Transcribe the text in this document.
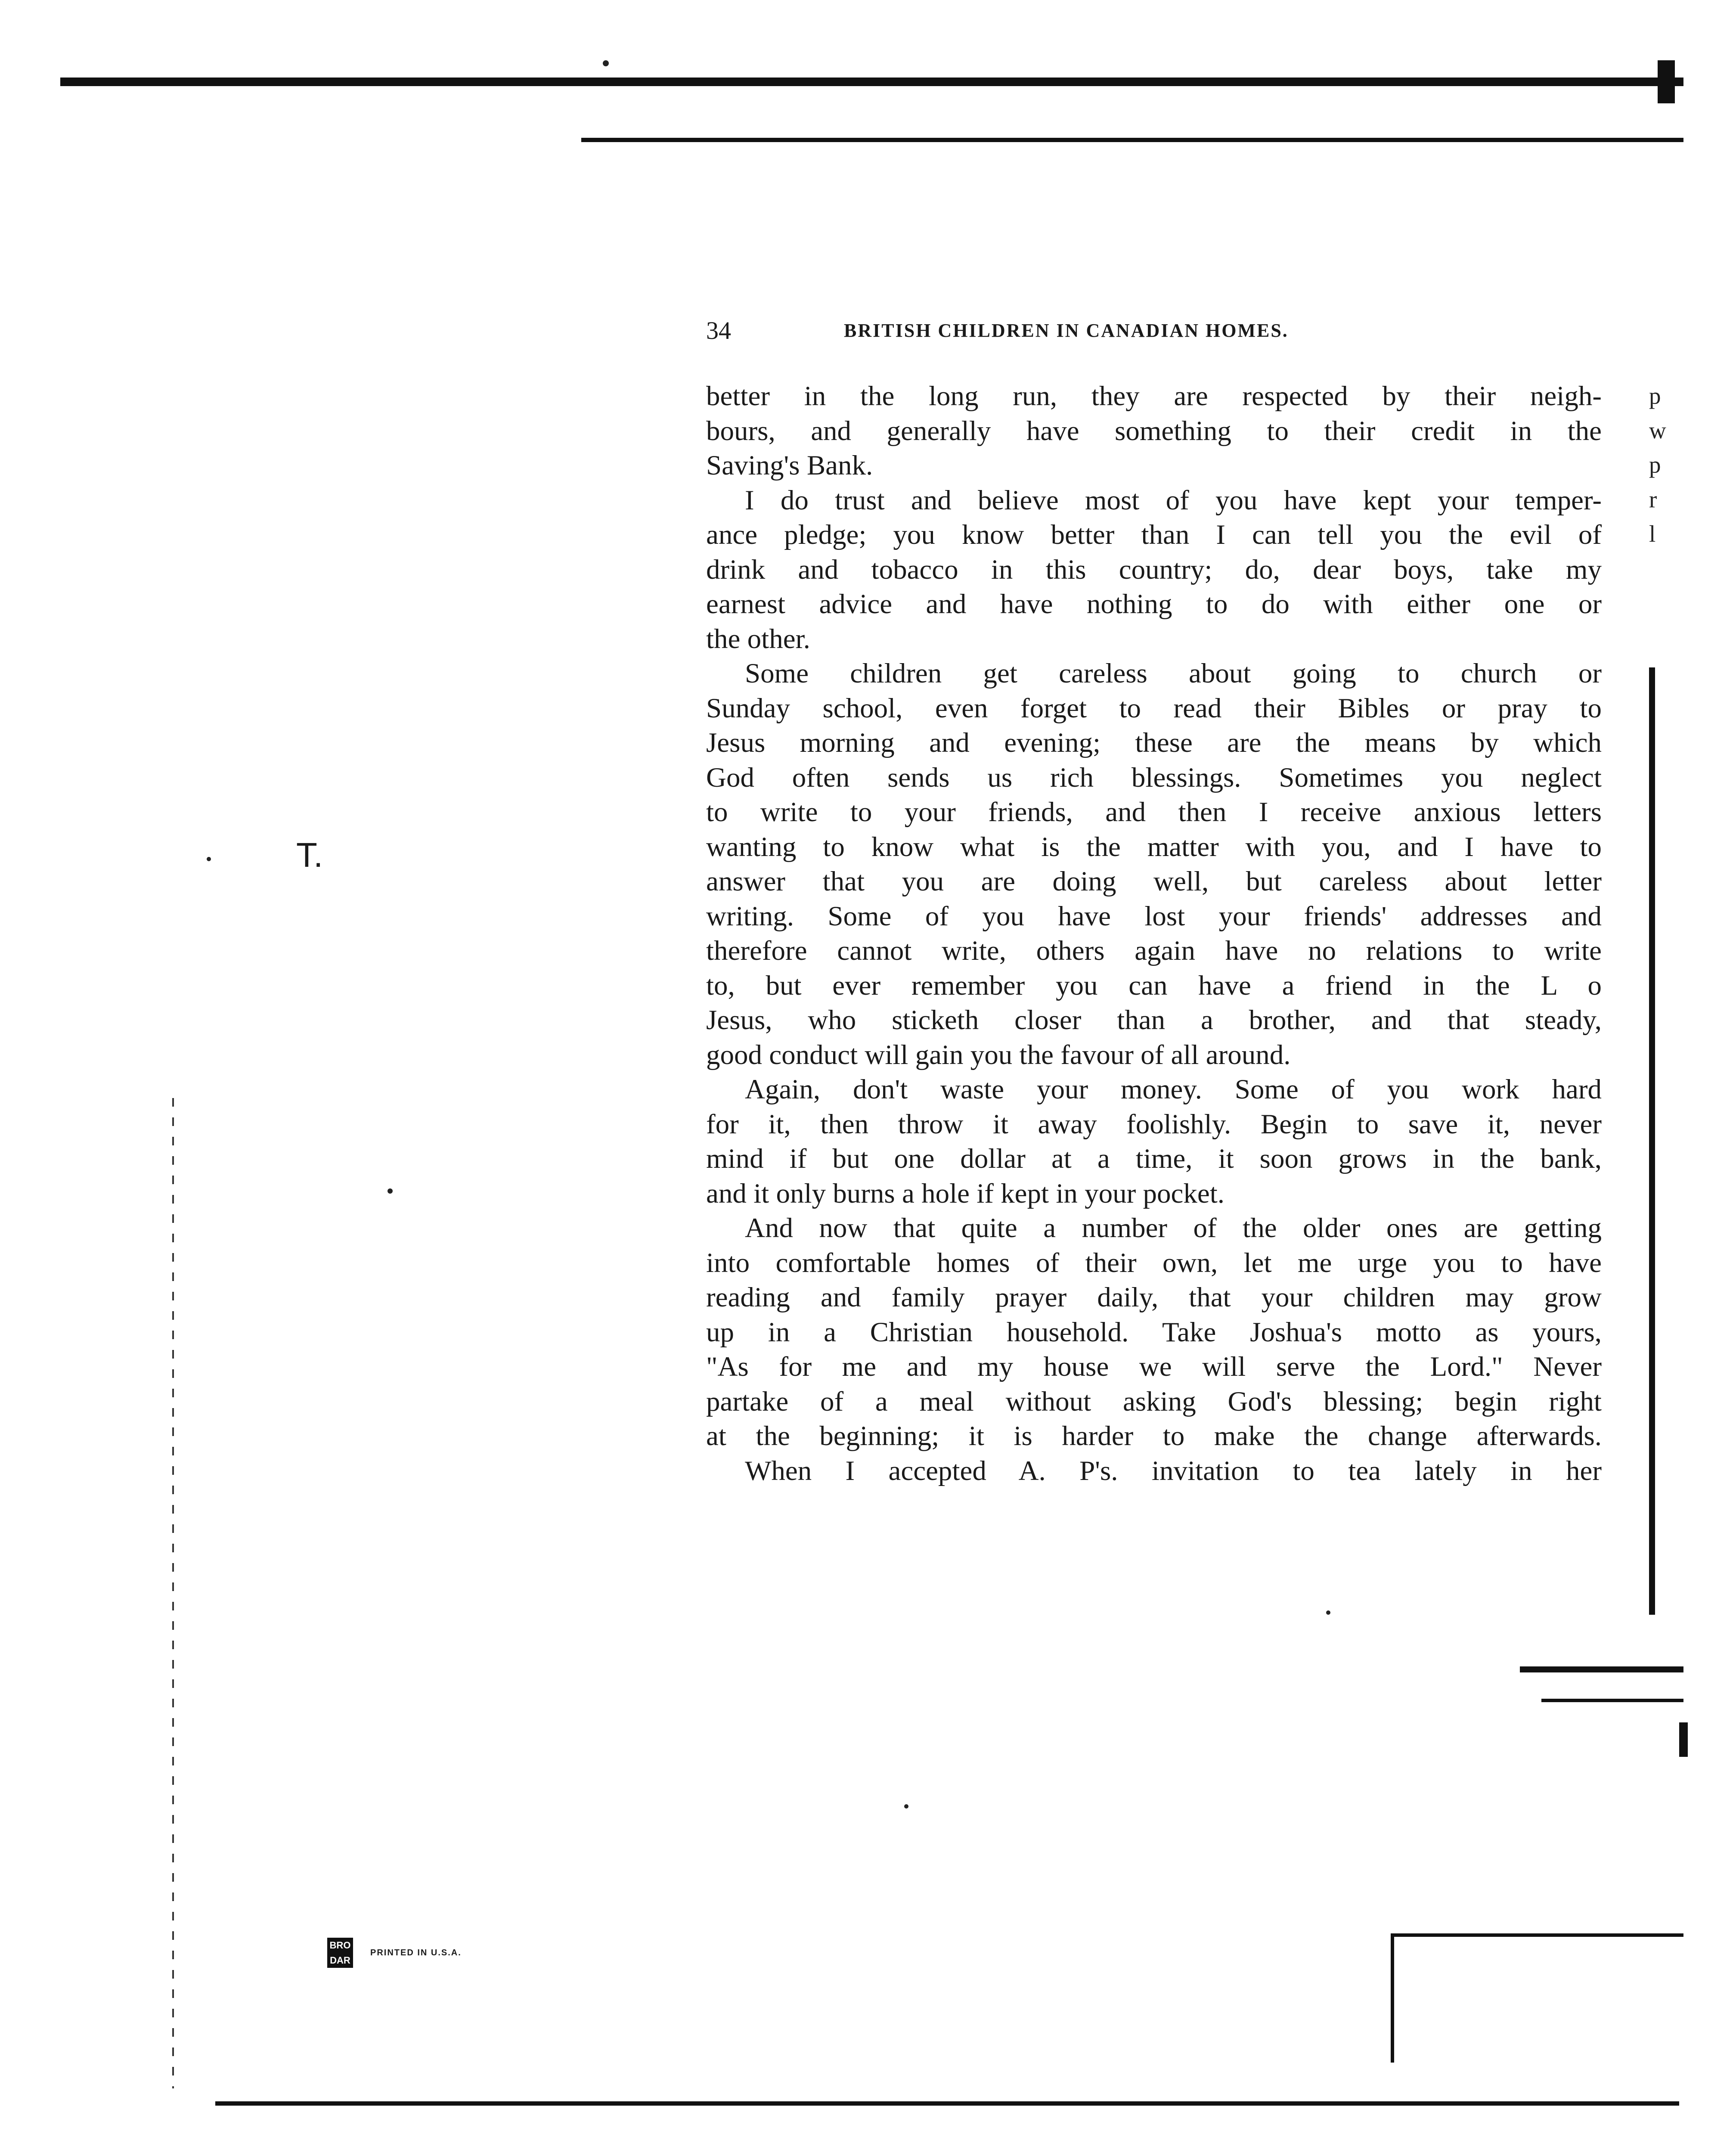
34	BRITISH CHILDREN IN CANADIAN HOMES.
better in the long run, they are respected by their neigh-
bours, and generally have something to their credit in the
Saving's Bank.
I do trust and believe most of you have kept your temper-
ance pledge; you know better than I can tell you the evil of
drink and tobacco in this country; do, dear boys, take my
earnest advice and have nothing to do with either one or
the other.
Some children get careless about going to church or
Sunday school, even forget to read their Bibles or pray to
Jesus morning and evening; these are the means by which
God often sends us rich blessings. Sometimes you neglect
to write to your friends, and then I receive anxious letters
wanting to know what is the matter with you, and I have to
answer that you are doing well, but careless about letter
writing. Some of you have lost your friends' addresses and
therefore cannot write, others again have no relations to write
to, but ever remember you can have a friend in the L o
Jesus, who sticketh closer than a brother, and that steady,
good conduct will gain you the favour of all around.
Again, don't waste your money. Some of you work hard
for it, then throw it away foolishly. Begin to save it, never
mind if but one dollar at a time, it soon grows in the bank,
and it only burns a hole if kept in your pocket.
And now that quite a number of the older ones are getting
into comfortable homes of their own, let me urge you to have
reading and family prayer daily, that your children may grow
up in a Christian household. Take Joshua's motto as yours,
"As for me and my house we will serve the Lord." Never
partake of a meal without asking God's blessing; begin right
at the beginning; it is harder to make the change afterwards.
When I accepted A. P's. invitation to tea lately in her
T.
p
w
p
r
l
BRO DAR
PRINTED IN U.S.A.
